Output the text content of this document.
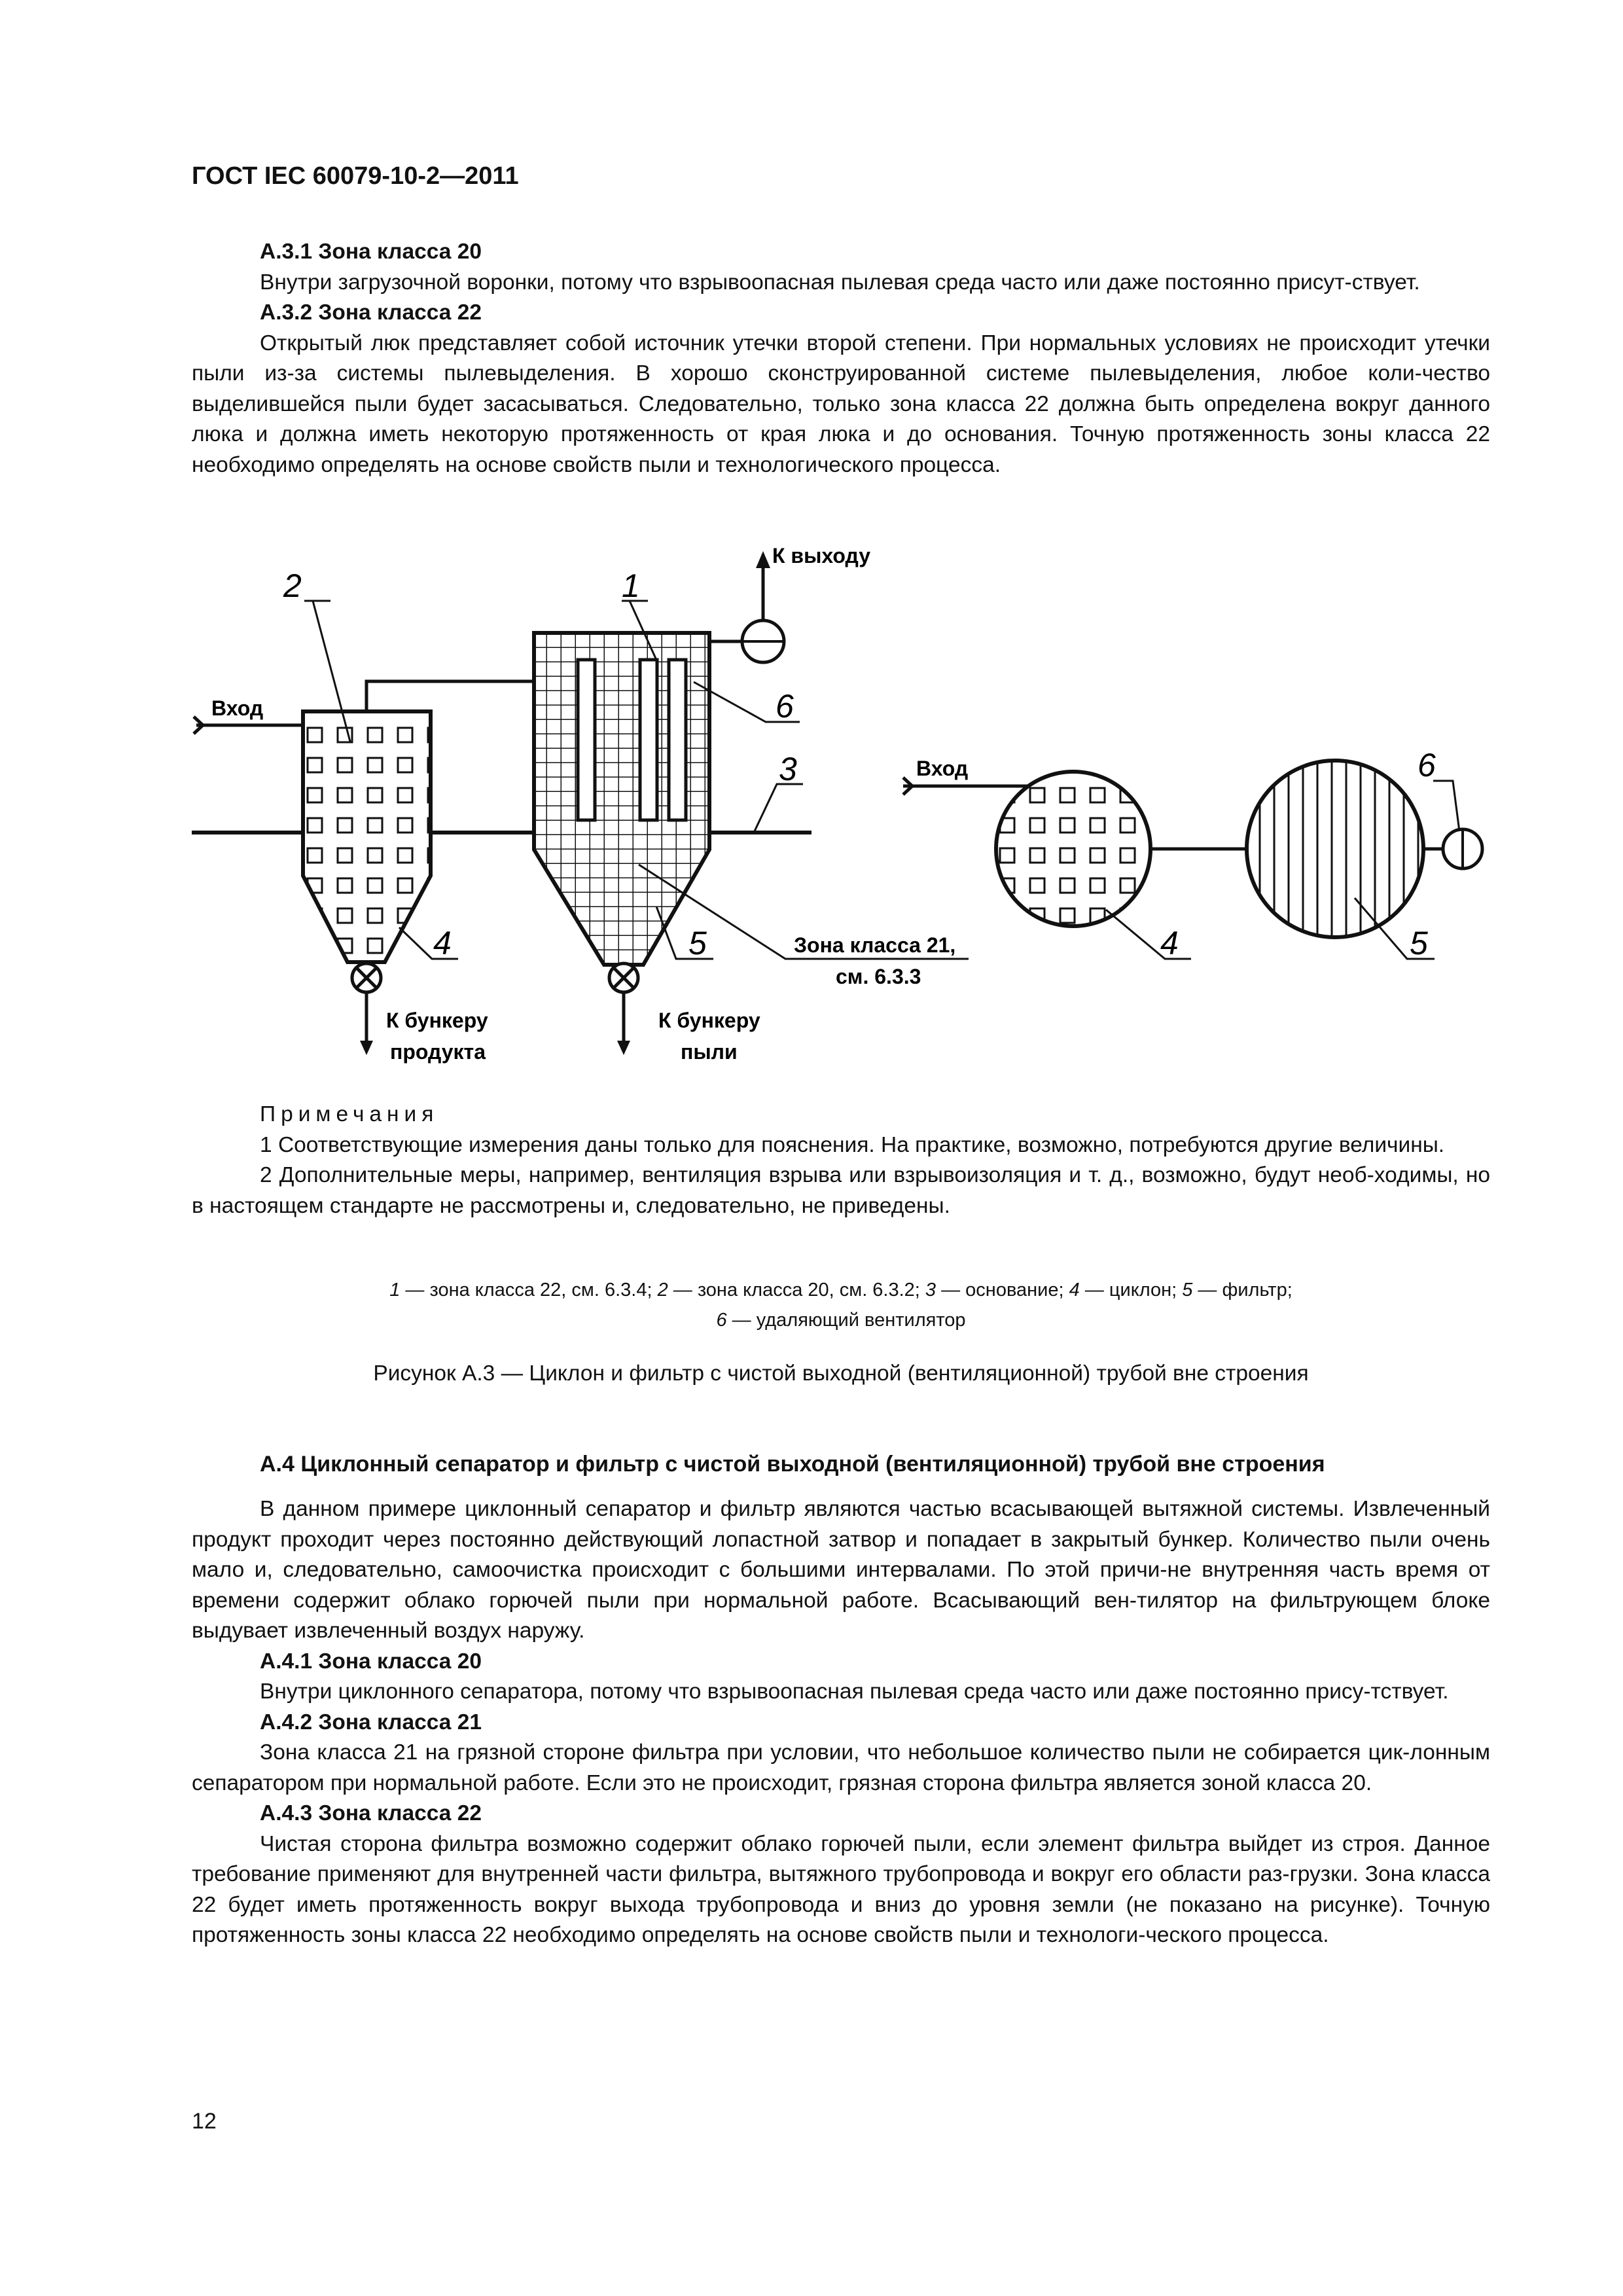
ГОСТ IEC 60079-10-2—2011

А.3.1 Зона класса 20

Внутри загрузочной воронки, потому что взрывоопасная пылевая среда часто или даже постоянно присут-ствует.

А.3.2 Зона класса 22

Открытый люк представляет собой источник утечки второй степени. При нормальных условиях не происходит утечки пыли из-за системы пылевыделения. В хорошо сконструированной системе пылевыделения, любое коли-чество выделившейся пыли будет засасываться. Следовательно, только зона класса 22 должна быть определена вокруг данного люка и должна иметь некоторую протяженность от края люка и до основания. Точную протяженность зоны класса 22 необходимо определять на основе свойств пыли и технологического процесса.

К выходу
Вход
Вход
2	1
6
3
4	5	4	5
6
Зона класса 21,
см. 6.3.3
К бункеру
продукта
К бункеру
пыли

Примечания

1 Соответствующие измерения даны только для пояснения. На практике, возможно, потребуются другие величины.

2 Дополнительные меры, например, вентиляция взрыва или взрывоизоляция и т. д., возможно, будут необ-ходимы, но в настоящем стандарте не рассмотрены и, следовательно, не приведены.

1 — зона класса 22, см. 6.3.4; 2 — зона класса 20, см. 6.3.2; 3 — основание; 4 — циклон; 5 — фильтр;
6 — удаляющий вентилятор
Рисунок А.3 — Циклон и фильтр с чистой выходной (вентиляционной) трубой вне строения
А.4 Циклонный сепаратор и фильтр с чистой выходной (вентиляционной) трубой вне строения

В данном примере циклонный сепаратор и фильтр являются частью всасывающей вытяжной системы. Извлеченный продукт проходит через постоянно действующий лопастной затвор и попадает в закрытый бункер. Количество пыли очень мало и, следовательно, самоочистка происходит с большими интервалами. По этой причи-не внутренняя часть время от времени содержит облако горючей пыли при нормальной работе. Всасывающий вен-тилятор на фильтрующем блоке выдувает извлеченный воздух наружу.

А.4.1 Зона класса 20

Внутри циклонного сепаратора, потому что взрывоопасная пылевая среда часто или даже постоянно прису-тствует.

А.4.2 Зона класса 21

Зона класса 21 на грязной стороне фильтра при условии, что небольшое количество пыли не собирается цик-лонным сепаратором при нормальной работе. Если это не происходит, грязная сторона фильтра является зоной класса 20.

А.4.3 Зона класса 22

Чистая сторона фильтра возможно содержит облако горючей пыли, если элемент фильтра выйдет из строя. Данное требование применяют для внутренней части фильтра, вытяжного трубопровода и вокруг его области раз-грузки. Зона класса 22 будет иметь протяженность вокруг выхода трубопровода и вниз до уровня земли (не показано на рисунке). Точную протяженность зоны класса 22 необходимо определять на основе свойств пыли и технологи-ческого процесса.

12
